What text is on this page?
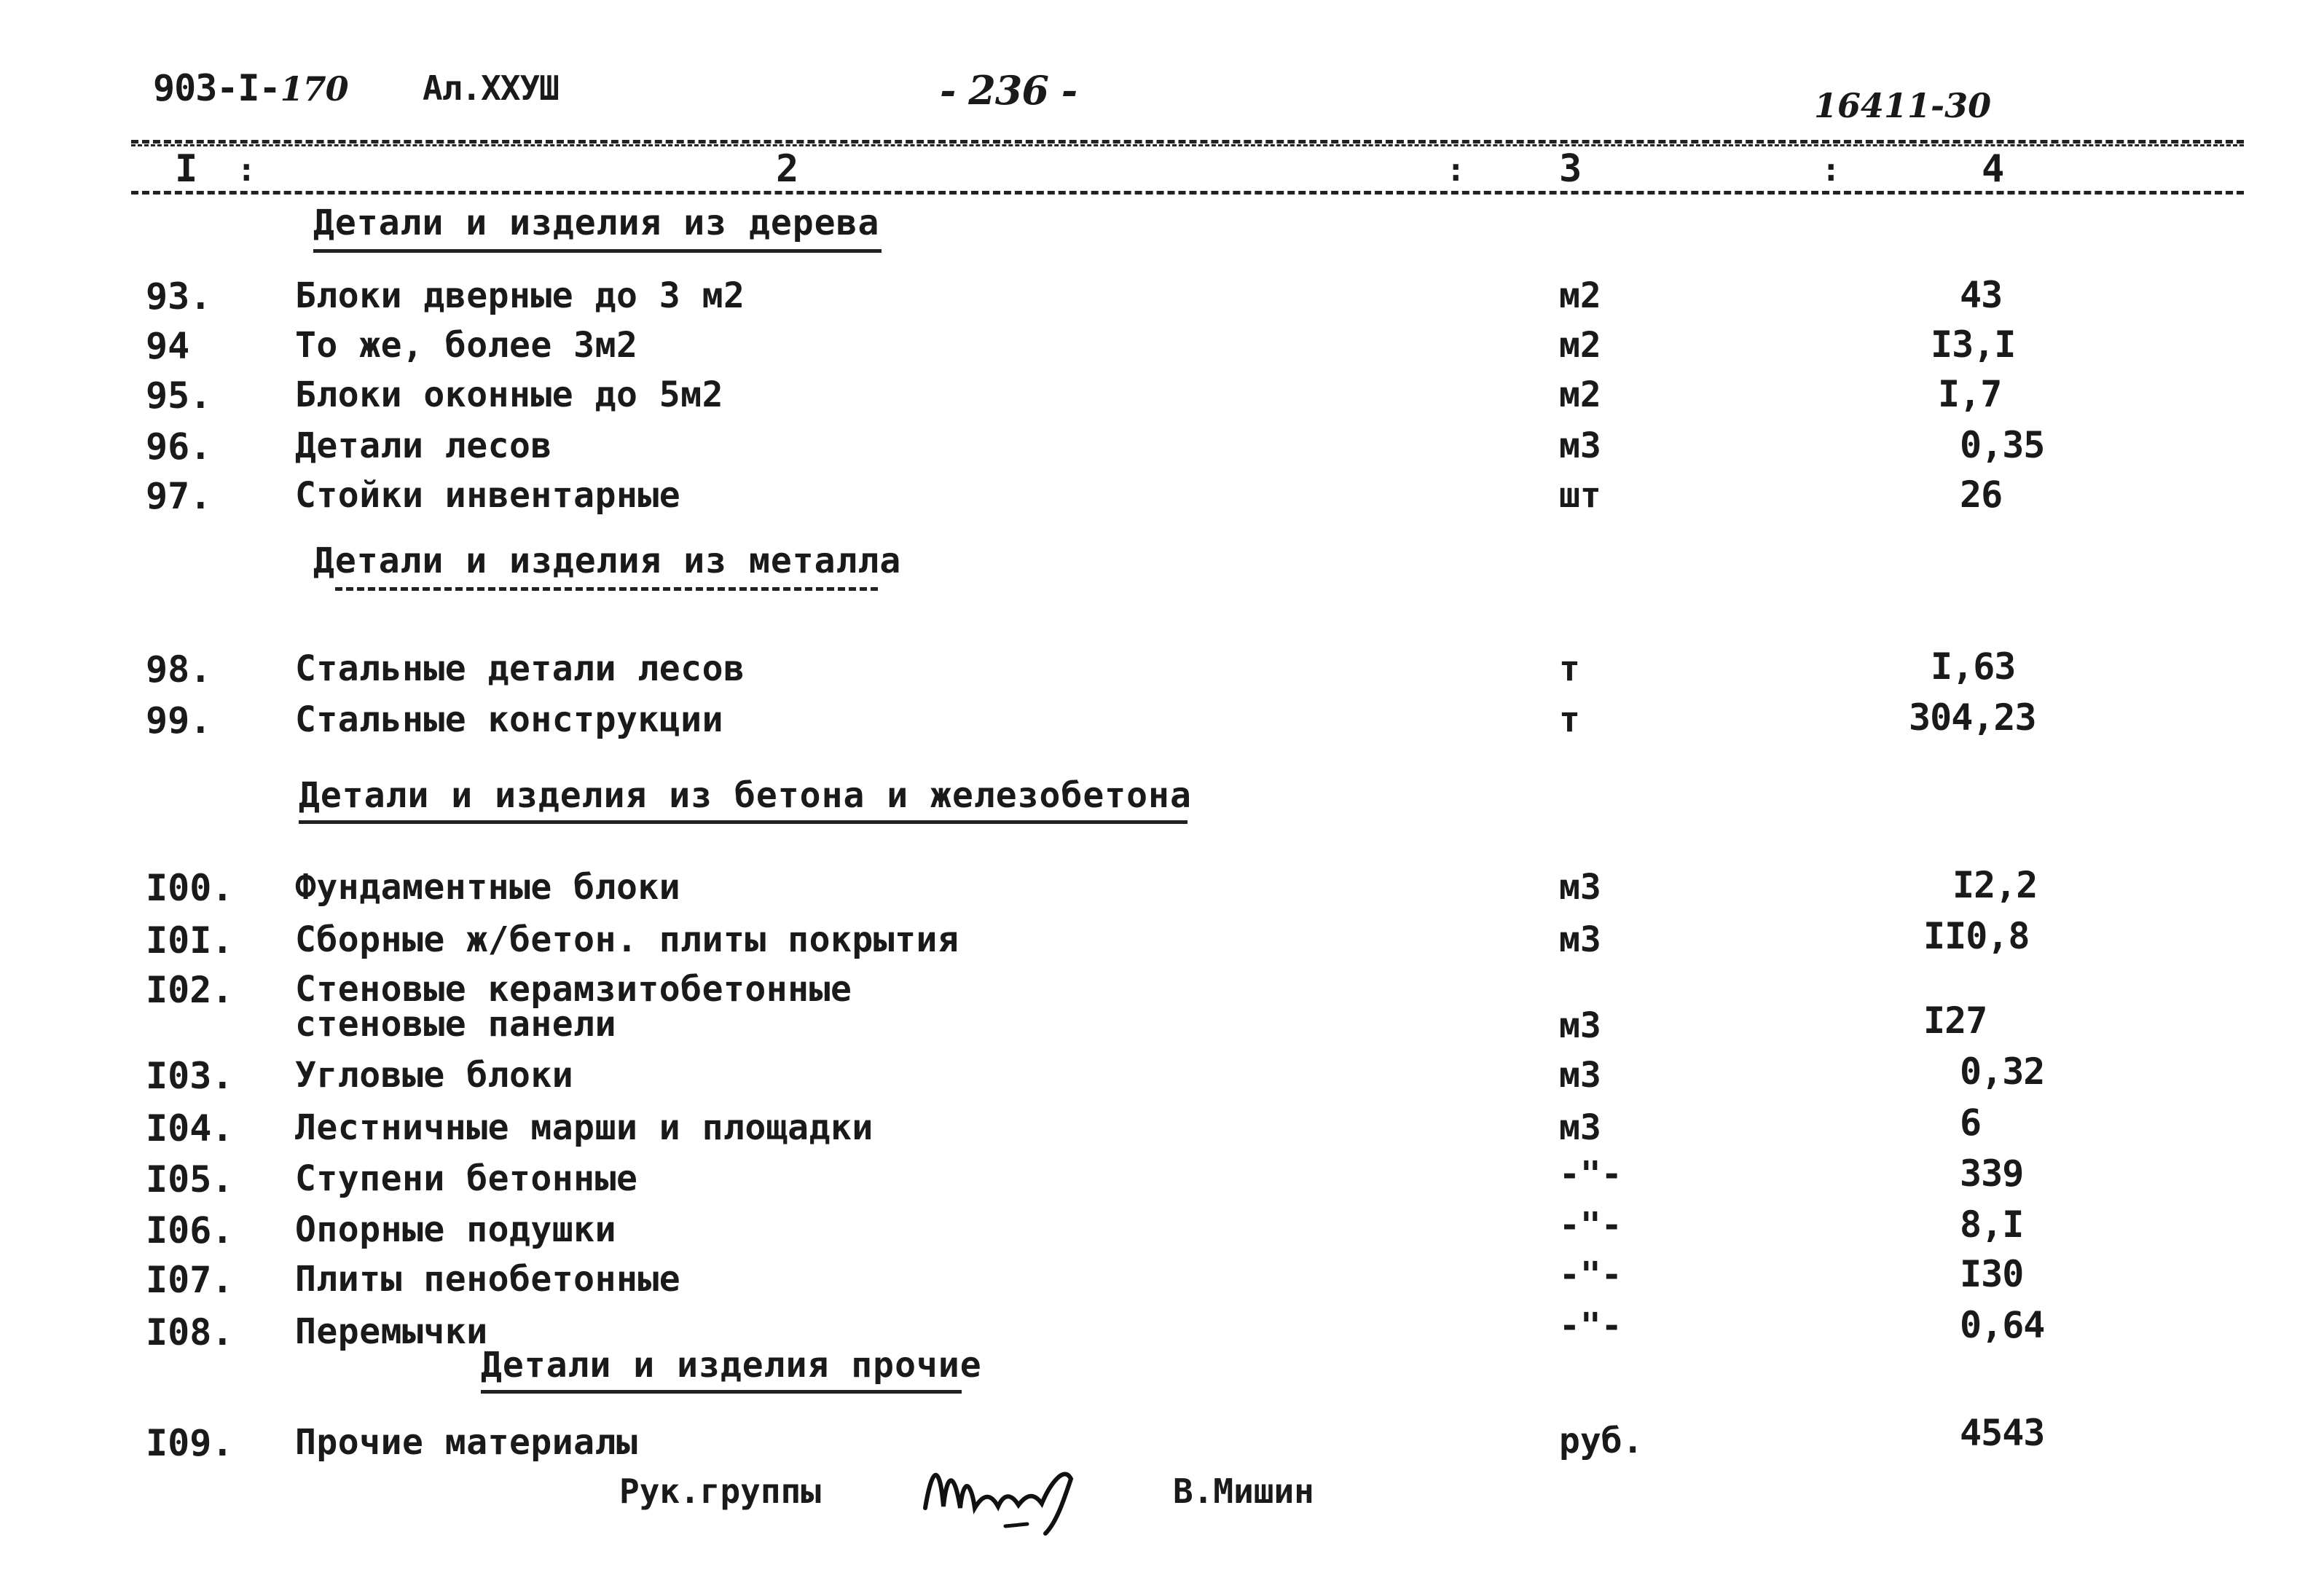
903-I-170 Ал.XXУШ	- 236 -	16411-30
I :	2	: 3	:	4
Детали и изделия из дерева
93. Блоки дверные до 3 м2	м2	43
94	То же, более 3м2	м2	I3,I
95. Блоки оконные до 5м2	м2	I,7
96. Детали лесов	м3	0,35
97. Стойки инвентарные	шт	26
Детали и изделия из металла
98. Стальные детали лесов	т	I,63
99. Стальные конструкции	т	304,23
Детали и изделия из бетона и железобетона
I00. Фундаментные блоки	м3	I2,2
I0I. Сборные ж/бетон. плиты покрытия	м3	II0,8
I02. Стеновые керамзитобетонные
стеновые панели	м3	I27
I03. Угловые блоки	м3	0,32
I04. Лестничные марши и площадки	м3	6
I05. Ступени бетонные	-"-	339
I06. Опорные подушки	-"-	8,I
I07. Плиты пенобетонные	-"-	I30
I08. Перемычки	-"-	0,64
Детали и изделия прочие
I09. Прочие материалы	руб.	4543
Рук.группы	В.Мишин
